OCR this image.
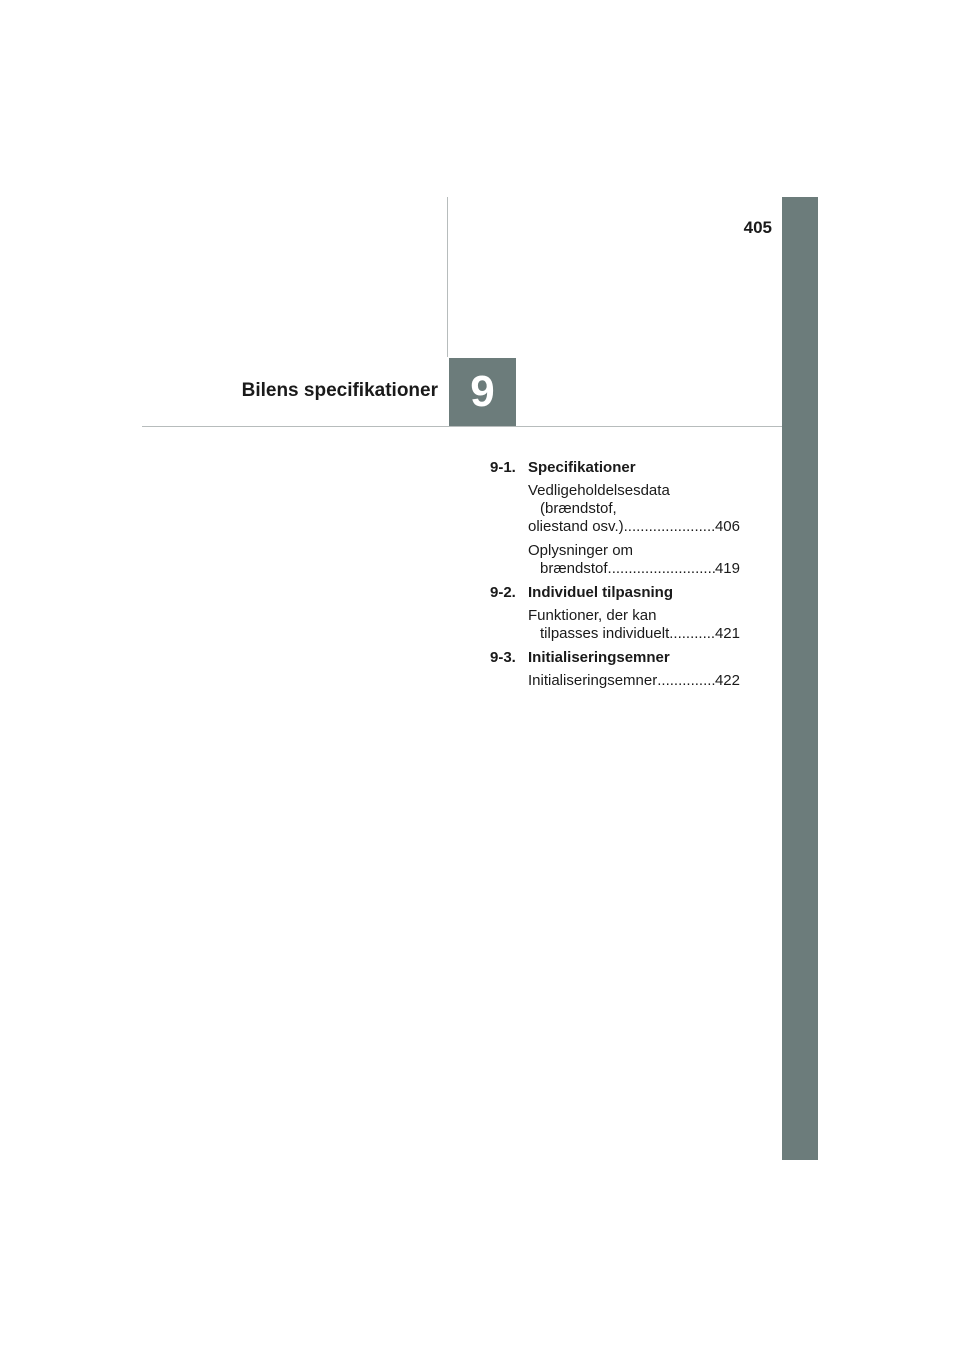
405
9
Bilens specifikationer
9-1. Specifikationer
Vedligeholdelsesdata
(brændstof,
oliestand osv.) .....	406
Oplysninger om
brændstof .....	419
9-2. Individuel tilpasning
Funktioner, der kan
tilpasses individuelt .....	421
9-3. Initialiseringsemner
Initialiseringsemner .....	422
